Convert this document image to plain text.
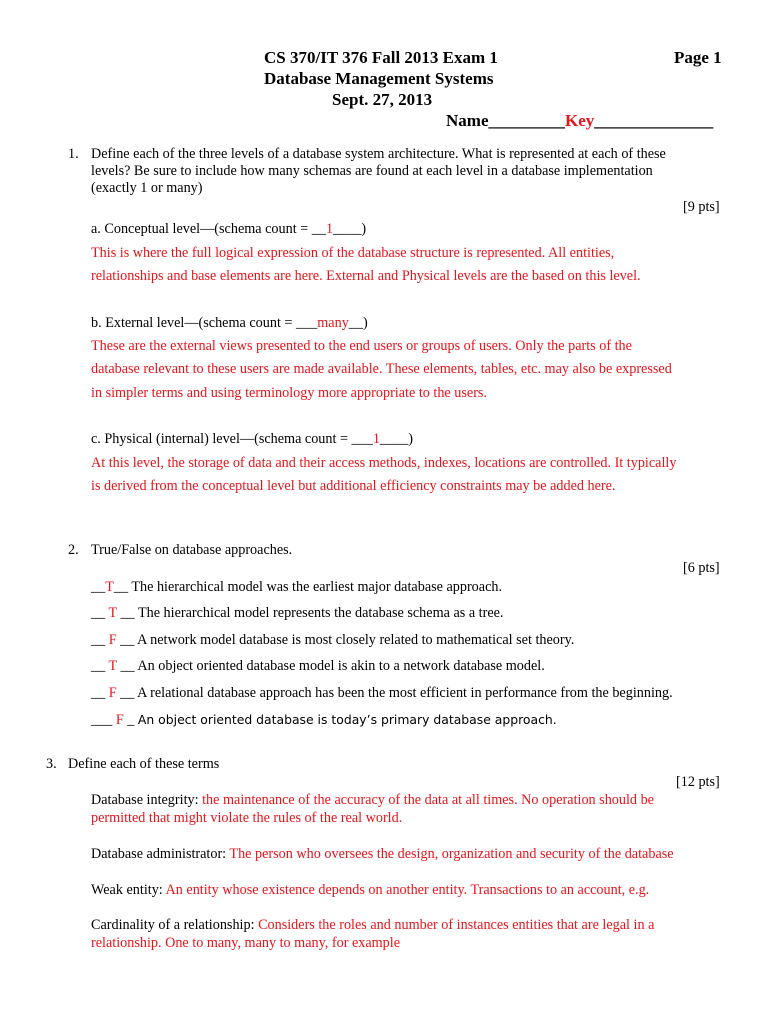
CS 370/IT 376 Fall 2013 Exam 1	Page 1
Database Management Systems
Sept. 27, 2013
Name_________Key______________
1. Define each of the three levels of a database system architecture. What is represented at each of these
levels? Be sure to include how many schemas are found at each level in a database implementation
(exactly 1 or many)
[9 pts]
a. Conceptual level—(schema count = __1____)
This is where the full logical expression of the database structure is represented. All entities,
relationships and base elements are here. External and Physical levels are the based on this level.
b. External level—(schema count = ___many__)
These are the external views presented to the end users or groups of users. Only the parts of the
database relevant to these users are made available. These elements, tables, etc. may also be expressed
in simpler terms and using terminology more appropriate to the users.
c. Physical (internal) level—(schema count = ___1____)
At this level, the storage of data and their access methods, indexes, locations are controlled. It typically
is derived from the conceptual level but additional efficiency constraints may be added here.
2. True/False on database approaches.
[6 pts]
__T__ The hierarchical model was the earliest major database approach.
__ T __ The hierarchical model represents the database schema as a tree.
__ F __ A network model database is most closely related to mathematical set theory.
__ T __ An object oriented database model is akin to a network database model.
__ F __ A relational database approach has been the most efficient in performance from the beginning.
___ F _ An object oriented database is today’s primary database approach.
3. Define each of these terms
[12 pts]
Database integrity: the maintenance of the accuracy of the data at all times. No operation should be
permitted that might violate the rules of the real world.
Database administrator: The person who oversees the design, organization and security of the database
Weak entity: An entity whose existence depends on another entity. Transactions to an account, e.g.
Cardinality of a relationship: Considers the roles and number of instances entities that are legal in a
relationship. One to many, many to many, for example
